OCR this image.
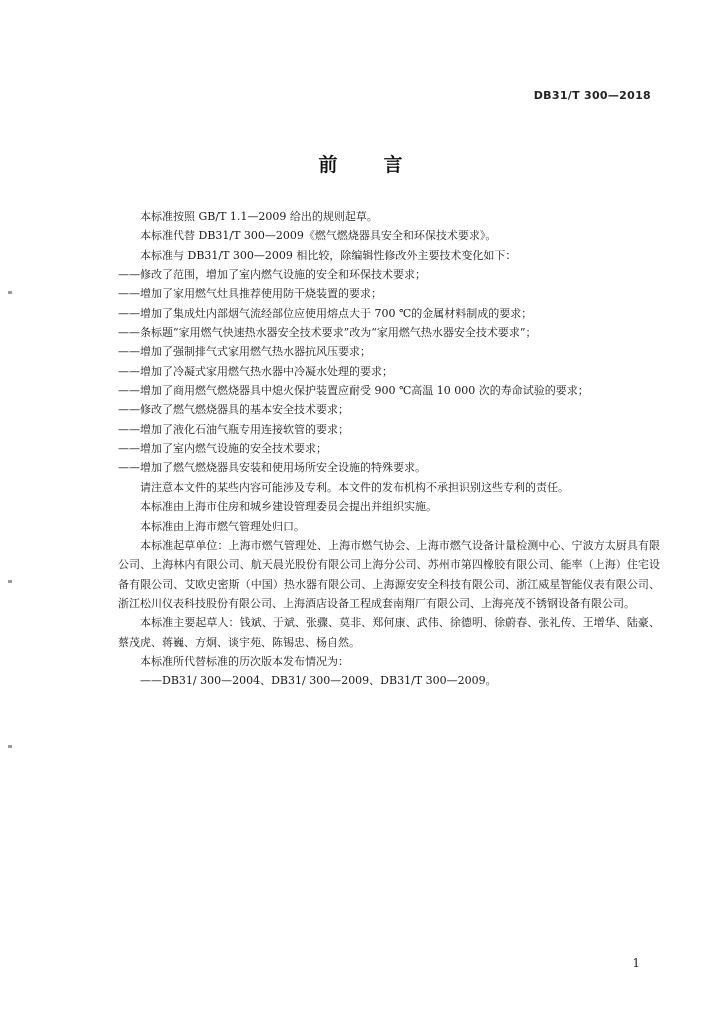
DB31/T 300—2018
前言

本标准按照 GB/T 1.1—2009 给出的规则起草。

本标准代替 DB31/T 300—2009《燃气燃烧器具安全和环保技术要求》。

本标准与 DB31/T 300—2009 相比较，除编辑性修改外主要技术变化如下：

——修改了范围，增加了室内燃气设施的安全和环保技术要求；

——增加了家用燃气灶具推荐使用防干烧装置的要求；

——增加了集成灶内部烟气流经部位应使用熔点大于 700 ℃的金属材料制成的要求；

——条标题“家用燃气快速热水器安全技术要求”改为“家用燃气热水器安全技术要求”；

——增加了强制排气式家用燃气热水器抗风压要求；

——增加了冷凝式家用燃气热水器中冷凝水处理的要求；

——增加了商用燃气燃烧器具中熄火保护装置应耐受 900 ℃高温 10 000 次的寿命试验的要求；

——修改了燃气燃烧器具的基本安全技术要求；

——增加了液化石油气瓶专用连接软管的要求；

——增加了室内燃气设施的安全技术要求；

——增加了燃气燃烧器具安装和使用场所安全设施的特殊要求。

请注意本文件的某些内容可能涉及专利。本文件的发布机构不承担识别这些专利的责任。

本标准由上海市住房和城乡建设管理委员会提出并组织实施。

本标准由上海市燃气管理处归口。

本标准起草单位：上海市燃气管理处、上海市燃气协会、上海市燃气设备计量检测中心、宁波方太厨具有限公司、上海林内有限公司、航天晨光股份有限公司上海分公司、苏州市第四橡胶有限公司、能率（上海）住宅设备有限公司、艾欧史密斯（中国）热水器有限公司、上海源安安全科技有限公司、浙江威星智能仪表有限公司、浙江松川仪表科技股份有限公司、上海酒店设备工程成套南翔厂有限公司、上海亮茂不锈钢设备有限公司。

本标准主要起草人：钱斌、于斌、张骤、莫非、郑何康、武伟、徐德明、徐蔚春、张礼传、王增华、陆豪、蔡茂虎、蒋巍、方炯、谈宇苑、陈锡忠、杨自然。

本标准所代替标准的历次版本发布情况为：

——DB31/ 300—2004、DB31/ 300—2009、DB31/T 300—2009。

1
